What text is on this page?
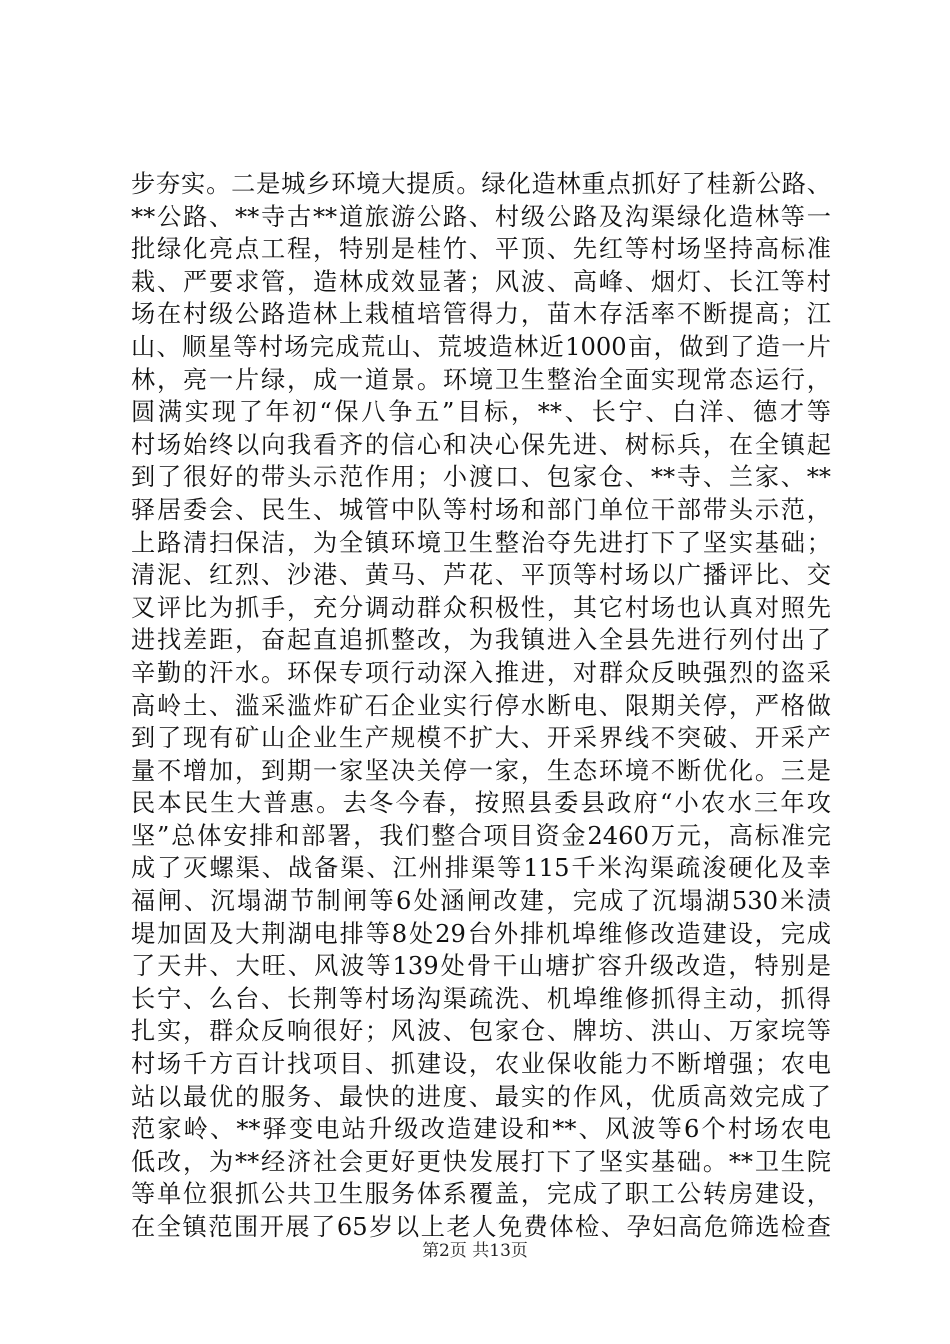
步夯实。二是城乡环境大提质。绿化造林重点抓好了桂新公路、
**公路、**寺古**道旅游公路、村级公路及沟渠绿化造林等一
批绿化亮点工程，特别是桂竹、平顶、先红等村场坚持高标准
栽、严要求管，造林成效显著；风波、高峰、烟灯、长江等村
场在村级公路造林上栽植培管得力，苗木存活率不断提高；江
山、顺星等村场完成荒山、荒坡造林近1000亩，做到了造一片
林，亮一片绿，成一道景。环境卫生整治全面实现常态运行，
圆满实现了年初“保八争五”目标，**、长宁、白洋、德才等
村场始终以向我看齐的信心和决心保先进、树标兵，在全镇起
到了很好的带头示范作用；小渡口、包家仓、**寺、兰家、**
驿居委会、民生、城管中队等村场和部门单位干部带头示范，
上路清扫保洁，为全镇环境卫生整治夺先进打下了坚实基础；
清泥、红烈、沙港、黄马、芦花、平顶等村场以广播评比、交
叉评比为抓手，充分调动群众积极性，其它村场也认真对照先
进找差距，奋起直追抓整改，为我镇进入全县先进行列付出了
辛勤的汗水。环保专项行动深入推进，对群众反映强烈的盗采
高岭土、滥采滥炸矿石企业实行停水断电、限期关停，严格做
到了现有矿山企业生产规模不扩大、开采界线不突破、开采产
量不增加，到期一家坚决关停一家，生态环境不断优化。三是
民本民生大普惠。去冬今春，按照县委县政府“小农水三年攻
坚”总体安排和部署，我们整合项目资金2460万元，高标准完
成了灭螺渠、战备渠、江州排渠等115千米沟渠疏浚硬化及幸
福闸、沉塌湖节制闸等6处涵闸改建，完成了沉塌湖530米渍
堤加固及大荆湖电排等8处29台外排机埠维修改造建设，完成
了天井、大旺、风波等139处骨干山塘扩容升级改造，特别是
长宁、么台、长荆等村场沟渠疏洗、机埠维修抓得主动，抓得
扎实，群众反响很好；风波、包家仓、牌坊、洪山、万家垸等
村场千方百计找项目、抓建设，农业保收能力不断增强；农电
站以最优的服务、最快的进度、最实的作风，优质高效完成了
范家岭、**驿变电站升级改造建设和**、风波等6个村场农电
低改，为**经济社会更好更快发展打下了坚实基础。**卫生院
等单位狠抓公共卫生服务体系覆盖，完成了职工公转房建设，
在全镇范围开展了65岁以上老人免费体检、孕妇高危筛选检查
第2页 共13页
